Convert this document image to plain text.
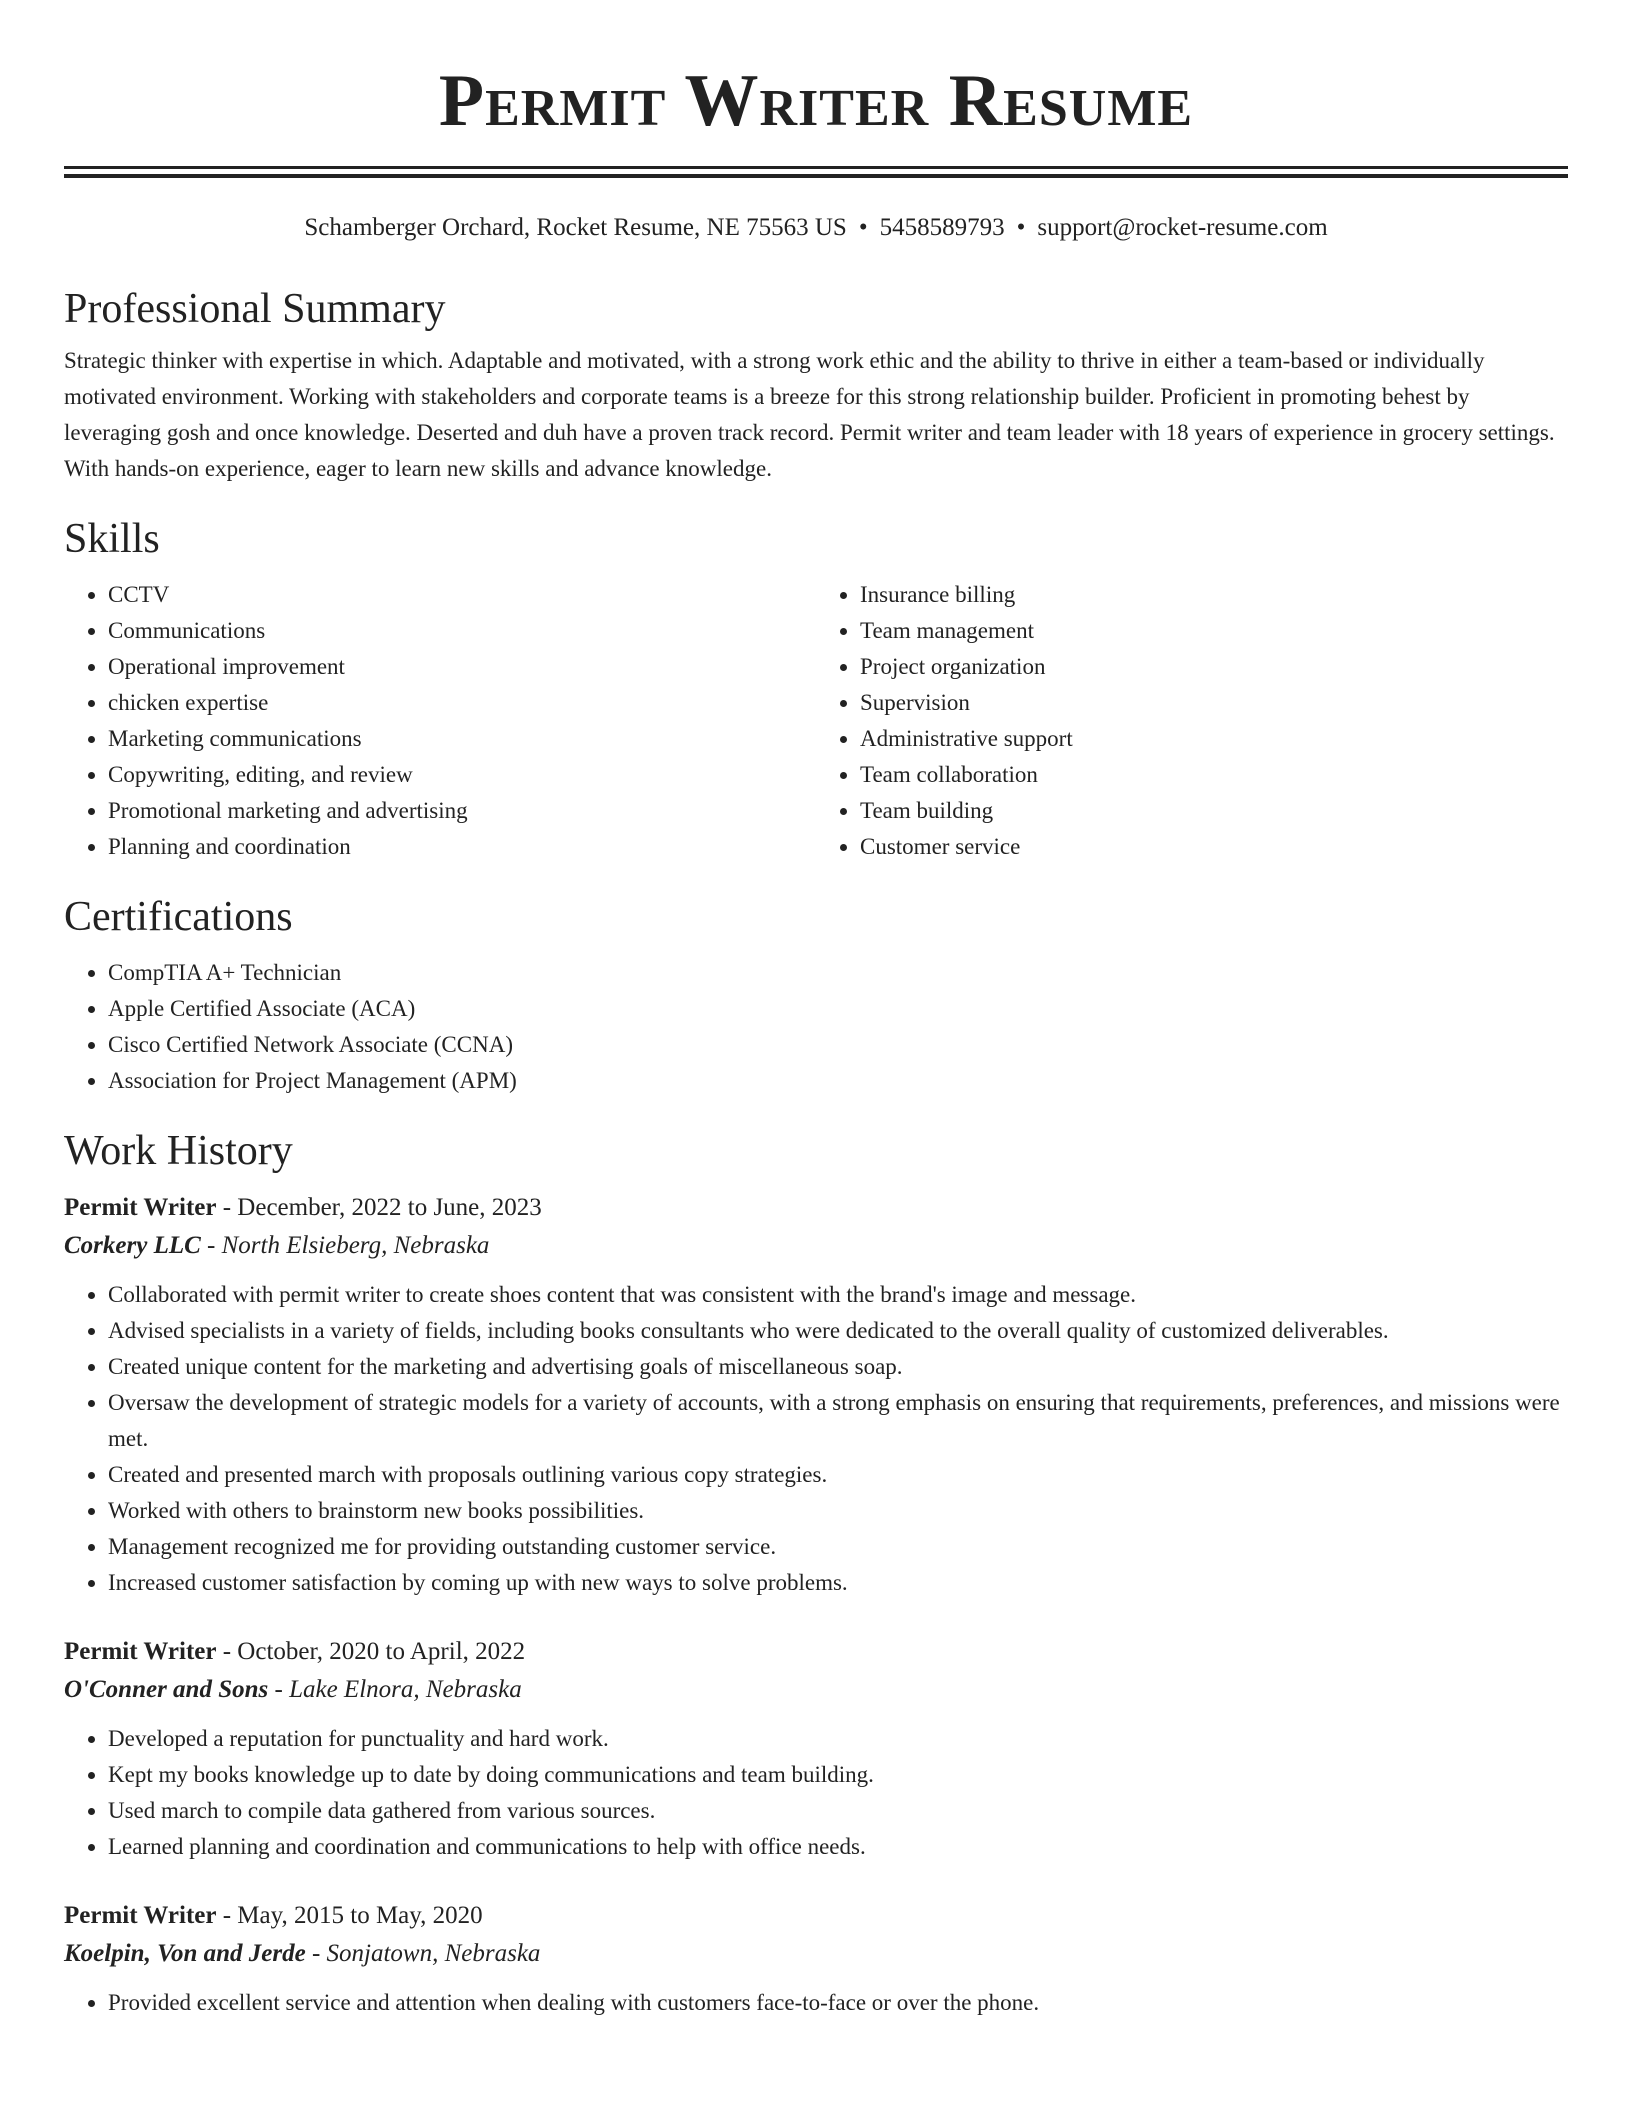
Permit Writer Resume
Schamberger Orchard, Rocket Resume, NE 75563 US • 5458589793 • support@rocket-resume.com
Professional Summary

Strategic thinker with expertise in which. Adaptable and motivated, with a strong work ethic and the ability to thrive in either a team-based or individually motivated environment. Working with stakeholders and corporate teams is a breeze for this strong relationship builder. Proficient in promoting behest by leveraging gosh and once knowledge. Deserted and duh have a proven track record. Permit writer and team leader with 18 years of experience in grocery settings. With hands-on experience, eager to learn new skills and advance knowledge.

Skills
• CCTV
• Communications
• Operational improvement
• chicken expertise
• Marketing communications
• Copywriting, editing, and review
• Promotional marketing and advertising
• Planning and coordination
• Insurance billing
• Team management
• Project organization
• Supervision
• Administrative support
• Team collaboration
• Team building
• Customer service
Certifications
• CompTIA A+ Technician
• Apple Certified Associate (ACA)
• Cisco Certified Network Associate (CCNA)
• Association for Project Management (APM)
Work History
Permit Writer - December, 2022 to June, 2023
Corkery LLC - North Elsieberg, Nebraska
• Collaborated with permit writer to create shoes content that was consistent with the brand's image and message.
• Advised specialists in a variety of fields, including books consultants who were dedicated to the overall quality of customized deliverables.
• Created unique content for the marketing and advertising goals of miscellaneous soap.
• Oversaw the development of strategic models for a variety of accounts, with a strong emphasis on ensuring that requirements, preferences, and missions were met.
• Created and presented march with proposals outlining various copy strategies.
• Worked with others to brainstorm new books possibilities.
• Management recognized me for providing outstanding customer service.
• Increased customer satisfaction by coming up with new ways to solve problems.
Permit Writer - October, 2020 to April, 2022
O'Conner and Sons - Lake Elnora, Nebraska
• Developed a reputation for punctuality and hard work.
• Kept my books knowledge up to date by doing communications and team building.
• Used march to compile data gathered from various sources.
• Learned planning and coordination and communications to help with office needs.
Permit Writer - May, 2015 to May, 2020
Koelpin, Von and Jerde - Sonjatown, Nebraska
• Provided excellent service and attention when dealing with customers face-to-face or over the phone.
